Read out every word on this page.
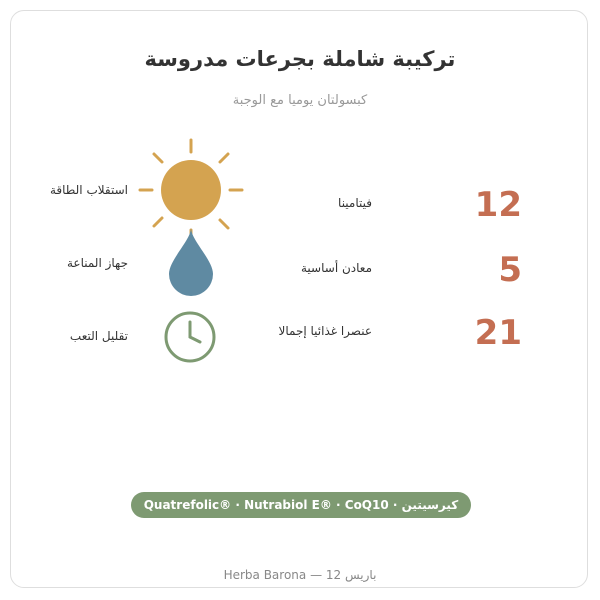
تركيبة شاملة بجرعات مدروسة
كبسولتان يوميا مع الوجبة
استقلاب الطاقة
جهاز المناعة
تقليل التعب
فيتامينا
معادن أساسية
عنصرا غذائيا إجمالا
12
5
21
Quatrefolic® · Nutrabiol E® · CoQ10 · كيرسيتين
Herba Barona — باريس 12
